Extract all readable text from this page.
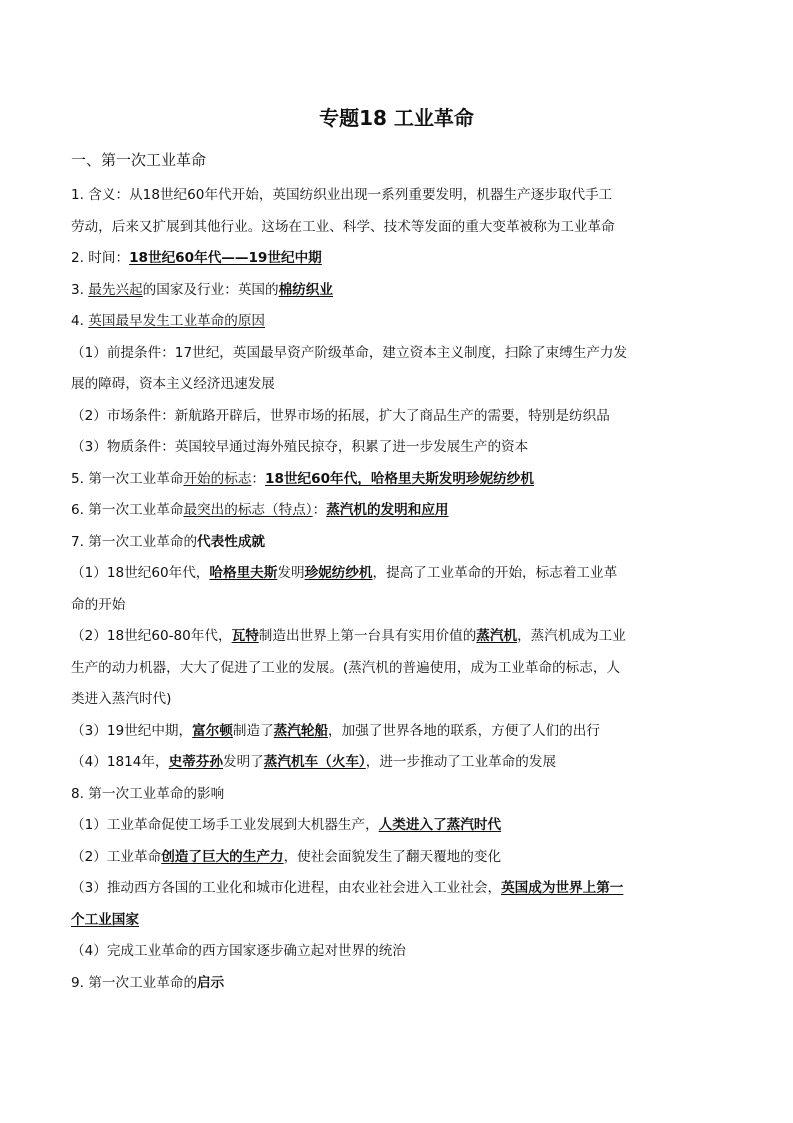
专题18 工业革命
一、第一次工业革命
1. 含义：从18世纪60年代开始，英国纺织业出现一系列重要发明，机器生产逐步取代手工
劳动，后来又扩展到其他行业。这场在工业、科学、技术等发面的重大变革被称为工业革命
2. 时间：18世纪60年代——19世纪中期
3. 最先兴起的国家及行业：英国的棉纺织业
4. 英国最早发生工业革命的原因
（1）前提条件：17世纪，英国最早资产阶级革命，建立资本主义制度，扫除了束缚生产力发
展的障碍，资本主义经济迅速发展
（2）市场条件：新航路开辟后，世界市场的拓展，扩大了商品生产的需要，特别是纺织品
（3）物质条件：英国较早通过海外殖民掠夺，积累了进一步发展生产的资本
5. 第一次工业革命开始的标志：18世纪60年代，哈格里夫斯发明珍妮纺纱机
6. 第一次工业革命最突出的标志（特点）：蒸汽机的发明和应用
7. 第一次工业革命的代表性成就
（1）18世纪60年代，哈格里夫斯发明珍妮纺纱机，提高了工业革命的开始，标志着工业革
命的开始
（2）18世纪60-80年代，瓦特制造出世界上第一台具有实用价值的蒸汽机，蒸汽机成为工业
生产的动力机器，大大了促进了工业的发展。(蒸汽机的普遍使用，成为工业革命的标志，人
类进入蒸汽时代)
（3）19世纪中期，富尔顿制造了蒸汽轮船，加强了世界各地的联系，方便了人们的出行
（4）1814年，史蒂芬孙发明了蒸汽机车（火车），进一步推动了工业革命的发展
8. 第一次工业革命的影响
（1）工业革命促使工场手工业发展到大机器生产，人类进入了蒸汽时代
（2）工业革命创造了巨大的生产力，使社会面貌发生了翻天覆地的变化
（3）推动西方各国的工业化和城市化进程，由农业社会进入工业社会，英国成为世界上第一
个工业国家
（4）完成工业革命的西方国家逐步确立起对世界的统治
9. 第一次工业革命的启示
